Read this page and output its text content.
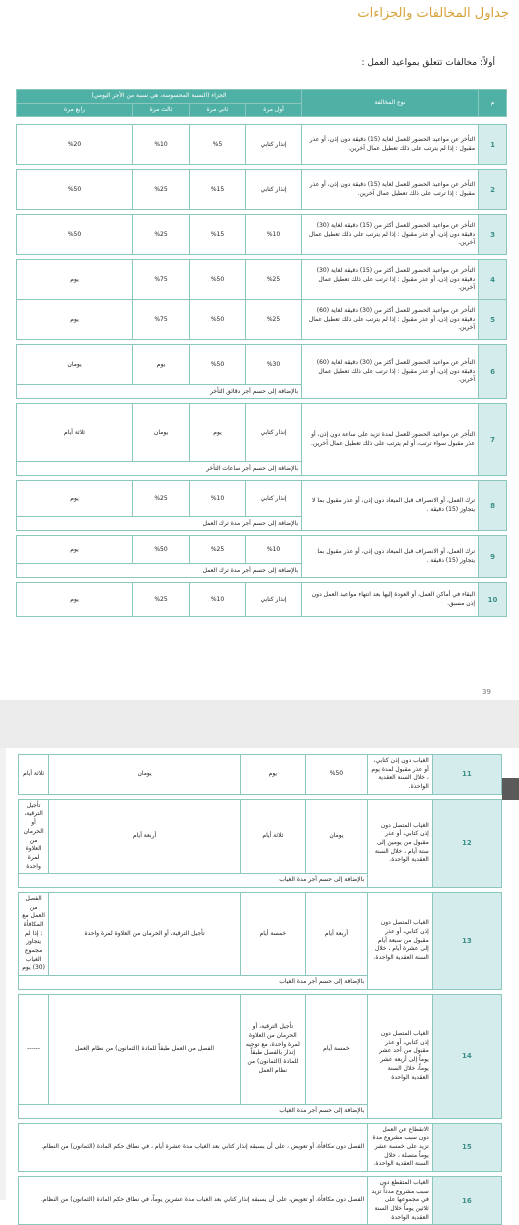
جداول المخالفات والجزاءات
أولاً: مخالفات تتعلق بمواعيد العمل :
م	نوع المخالفة	الجزاء (النسبة المحسوسة، هي نسبة من الأجر اليومي)			
		أول مرة	ثاني مرة	ثالث مرة	رابع مرة

1	التأخر عن مواعيد الحضور للعمل لغاية (15) دقيقة دون إذن، أو عذر مقبول : إذا لم يترتب على ذلك تعطيل عمال آخرين.	إنذار كتابي	%5	%10	%20

2	التأخر عن مواعيد الحضور للعمل لغاية (15) دقيقة دون إذن، أو عذر مقبول : إذا ترتب على ذلك تعطيل عمال آخرين.	إنذار كتابي	%15	%25	%50

3	التأخر عن مواعيد الحضور للعمل أكثر من (15) دقيقة لغاية (30) دقيقة دون إذن، أو عذر مقبول : إذا لم يترتب على ذلك تعطيل عمال آخرين.	%10	%15	%25	%50

4	التأخر عن مواعيد الحضور للعمل أكثر من (15) دقيقة لغاية (30) دقيقة دون إذن، أو عذر مقبول : إذا ترتب على ذلك تعطيل عمال آخرين.	%25	%50	%75	يوم
5	التأخر عن مواعيد الحضور للعمل أكثر من (30) دقيقة لغاية (60) دقيقة دون إذن، أو عذر مقبول : إذا لم يترتب على ذلك تعطيل عمال آخرين.	%25	%50	%75	يوم

6	التأخر عن مواعيد الحضور للعمل أكثر من (30) دقيقة لغاية (60) دقيقة دون إذن، أو عذر مقبول : إذا ترتب على ذلك تعطيل عمال آخرين.	%30	%50	يوم	يومان
		بالإضافة إلى حسم أجر دقائق التأخر			

7	التأخر عن مواعيد الحضور للعمل لمدة تزيد على ساعة دون إذن، أو عذر مقبول سواء ترتب، أو لم يترتب على ذلك تعطيل عمال آخرين.	إنذار كتابي	يوم	يومان	ثلاثة أيام
		بالإضافة إلى حسم أجر ساعات التأخر			

8	ترك العمل، أو الانصراف قبل الميعاد دون إذن، أو عذر مقبول بما لا يتجاوز (15) دقيقة .	إنذار كتابي	%10	%25	يوم
		بالإضافة إلى حسم أجر مدة ترك العمل			

9	ترك العمل، أو الانصراف قبل الميعاد دون إذن، أو عذر مقبول بما يتجاوز (15) دقيقة .	%10	%25	%50	يوم
		بالإضافة إلى حسم أجر مدة ترك العمل			

10	البقاء في أماكن العمل، أو العودة إليها بعد انتهاء مواعيد العمل دون إذن مسبق.	إنذار كتابي	%10	%25	يوم
39
11	الغياب دون إذن كتابي، أو عذر مقبول لمدة يوم ، خلال السنة العقدية الواحدة.	%50	يوم	يومان	ثلاثة أيام

12	الغياب المتصل دون إذن كتابي، أو عذر مقبول من يومين إلى ستة أيام ، خلال السنة العقدية الواحدة.	يومان	ثلاثة أيام	أربعة أيام	تأجيل الترقية، أو الحرمان من العلاوة لمرة واحدة
		بالإضافة إلى حسم أجر مدة الغياب			

13	الغياب المتصل دون إذن كتابي، أو عذر مقبول من سبعة أيام إلى عشرة أيام ، خلال السنة العقدية الواحدة.	أربعة أيام	خمسة أيام	تأجيل الترقية، أو الحرمان من العلاوة لمرة واحدة	الفصل من العمل مع المكافأة : إذا لم يتجاوز مجموع الغياب (30) يوم
		بالإضافة إلى حسم أجر مدة الغياب			

14	الغياب المتصل دون إذن كتابي، أو عذر مقبول من أحد عشر يوماً إلى أربعة عشر يوماً، خلال السنة العقدية الواحدة	خمسة أيام	تأجيل الترقية، أو الحرمان من العلاوة لمرة واحدة، مع توجيه إنذار بالفصل طبقاً للمادة (الثمانون) من نظام العمل	الفصل من العمل طبقاً للمادة (الثمانون) من نظام العمل	------
		بالإضافة إلى حسم أجر مدة الغياب			

15	الانقطاع عن العمل دون سبب مشروع مدة تزيد على خمسة عشر يوماً متصلة ، خلال السنة العقدية الواحدة.	الفصل دون مكافأة، أو تعويض ، على أن يسبقه إنذار كتابي بعد الغياب مدة عشرة أيام ، في نطاق حكم المادة (الثمانون) من النظام.			

16	الغياب المتقطع دون سبب مشروع مدداً تزيد في مجموعها على ثلاثين يوماً خلال السنة العقدية الواحدة	الفصل دون مكافأة، أو تعويض، على أن يسبقه إنذار كتابي بعد الغياب مدة عشرين يوماً، في نطاق حكم المادة (الثمانون) من النظام.			
